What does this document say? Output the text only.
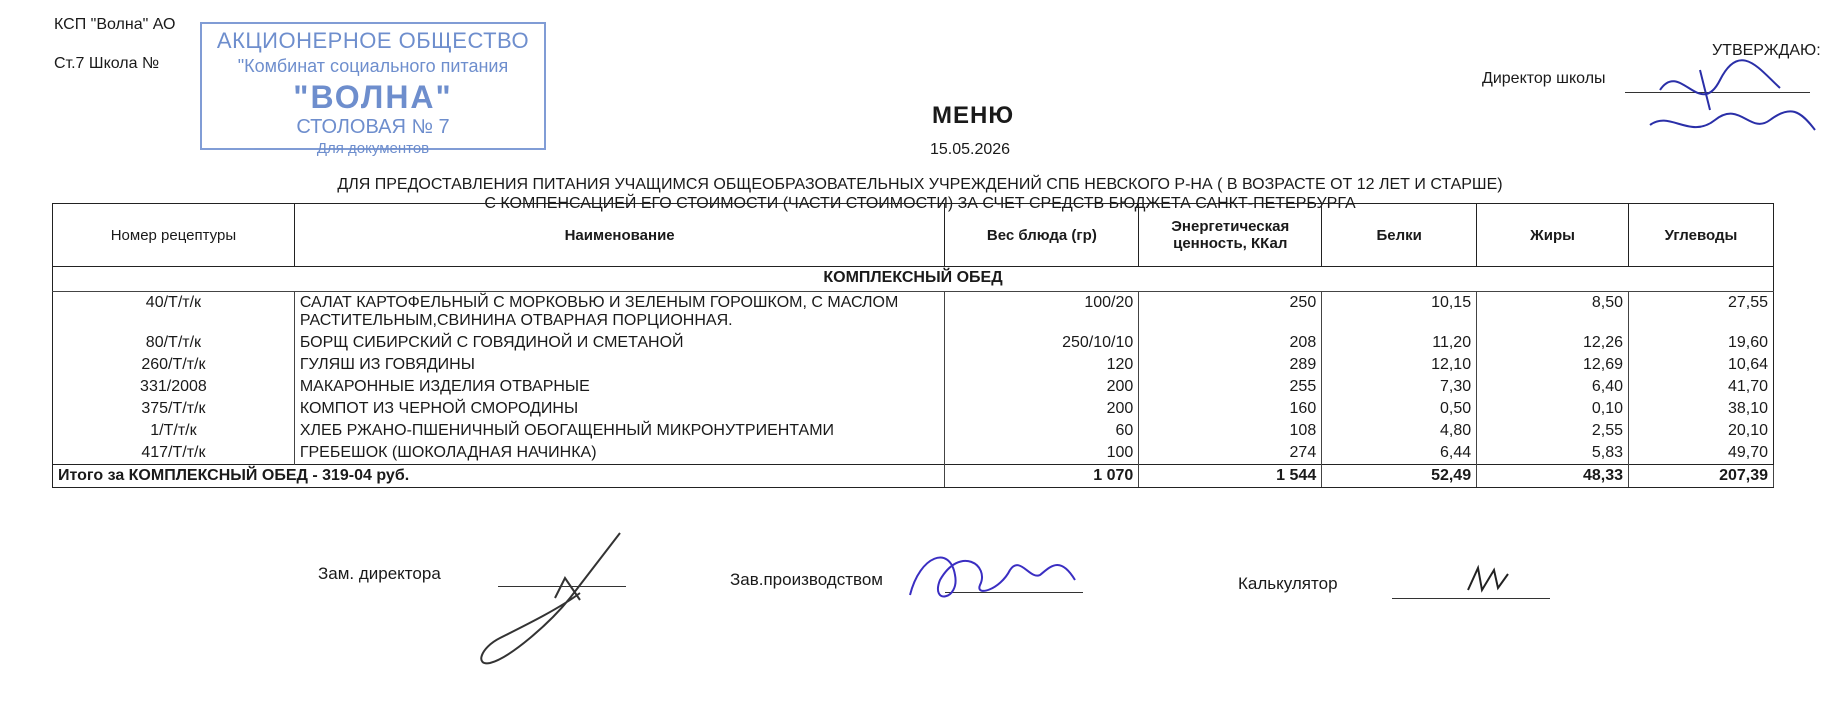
КСП "Волна" АО
Ст.7 Школа №
АКЦИОНЕРНОЕ ОБЩЕСТВО
"Комбинат социального питания
"ВОЛНА"
СТОЛОВАЯ № 7
Для документов
УТВЕРЖДАЮ:
Директор школы
МЕНЮ
15.05.2026
ДЛЯ ПРЕДОСТАВЛЕНИЯ ПИТАНИЯ УЧАЩИМСЯ ОБЩЕОБРАЗОВАТЕЛЬНЫХ УЧРЕЖДЕНИЙ СПБ НЕВСКОГО Р-НА ( В ВОЗРАСТЕ ОТ 12 ЛЕТ И СТАРШЕ)
С КОМПЕНСАЦИЕЙ ЕГО СТОИМОСТИ (ЧАСТИ СТОИМОСТИ) ЗА СЧЕТ СРЕДСТВ БЮДЖЕТА САНКТ-ПЕТЕРБУРГА
Номер рецептуры	Наименование	Вес блюда (гр)	Энергетическая ценность, ККал	Белки	Жиры	Углеводы
КОМПЛЕКСНЫЙ ОБЕД						
40/Т/т/к	САЛАТ КАРТОФЕЛЬНЫЙ С МОРКОВЬЮ И ЗЕЛЕНЫМ ГОРОШКОМ, С МАСЛОМ РАСТИТЕЛЬНЫМ,СВИНИНА ОТВАРНАЯ ПОРЦИОННАЯ.	100/20	250	10,15	8,50	27,55
80/Т/т/к	БОРЩ СИБИРСКИЙ С ГОВЯДИНОЙ И СМЕТАНОЙ	250/10/10	208	11,20	12,26	19,60
260/Т/т/к	ГУЛЯШ ИЗ ГОВЯДИНЫ	120	289	12,10	12,69	10,64
331/2008	МАКАРОННЫЕ ИЗДЕЛИЯ ОТВАРНЫЕ	200	255	7,30	6,40	41,70
375/Т/т/к	КОМПОТ ИЗ ЧЕРНОЙ СМОРОДИНЫ	200	160	0,50	0,10	38,10
1/Т/т/к	ХЛЕБ РЖАНО-ПШЕНИЧНЫЙ ОБОГАЩЕННЫЙ МИКРОНУТРИЕНТАМИ	60	108	4,80	2,55	20,10
417/Т/т/к	ГРЕБЕШОК (ШОКОЛАДНАЯ НАЧИНКА)	100	274	6,44	5,83	49,70
Итого за КОМПЛЕКСНЫЙ ОБЕД - 319-04 руб.		1 070	1 544	52,49	48,33	207,39
Зам. директора	Зав.производством	Калькулятор
